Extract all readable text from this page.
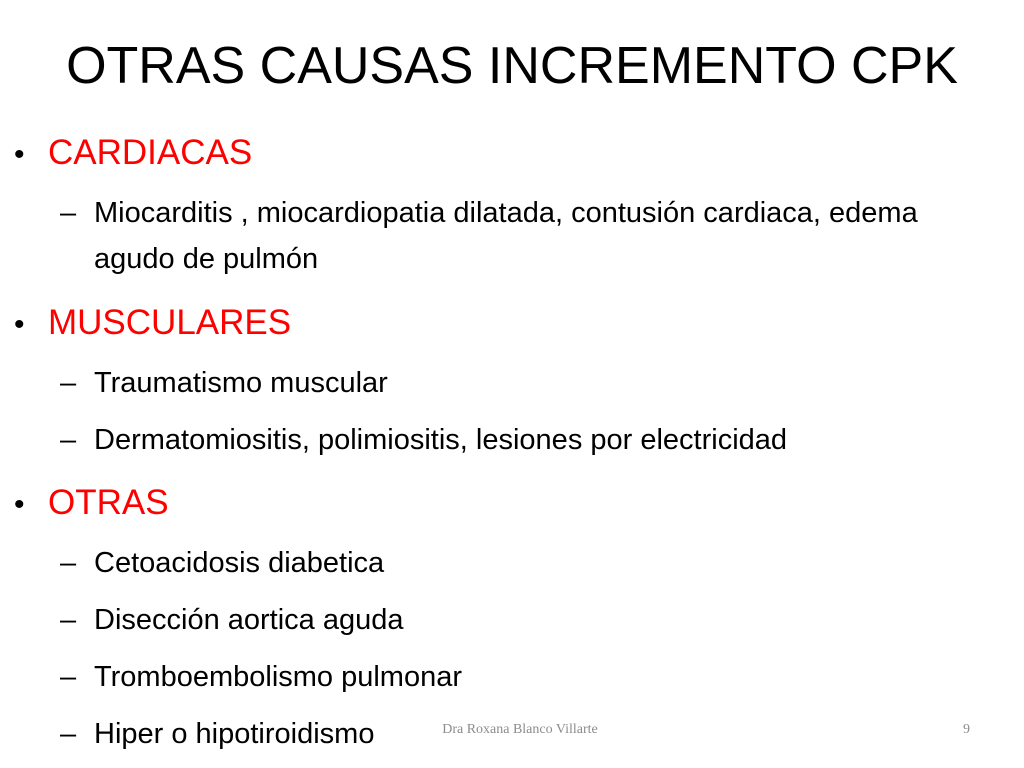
OTRAS CAUSAS INCREMENTO CPK
• CARDIACAS
– Miocarditis , miocardiopatia dilatada, contusión cardiaca, edema agudo de pulmón
• MUSCULARES
– Traumatismo muscular
– Dermatomiositis, polimiositis, lesiones por electricidad
• OTRAS
– Cetoacidosis diabetica
– Disección aortica aguda
– Tromboembolismo pulmonar
– Hiper o hipotiroidismo	Dra Roxana Blanco Villarte	9
